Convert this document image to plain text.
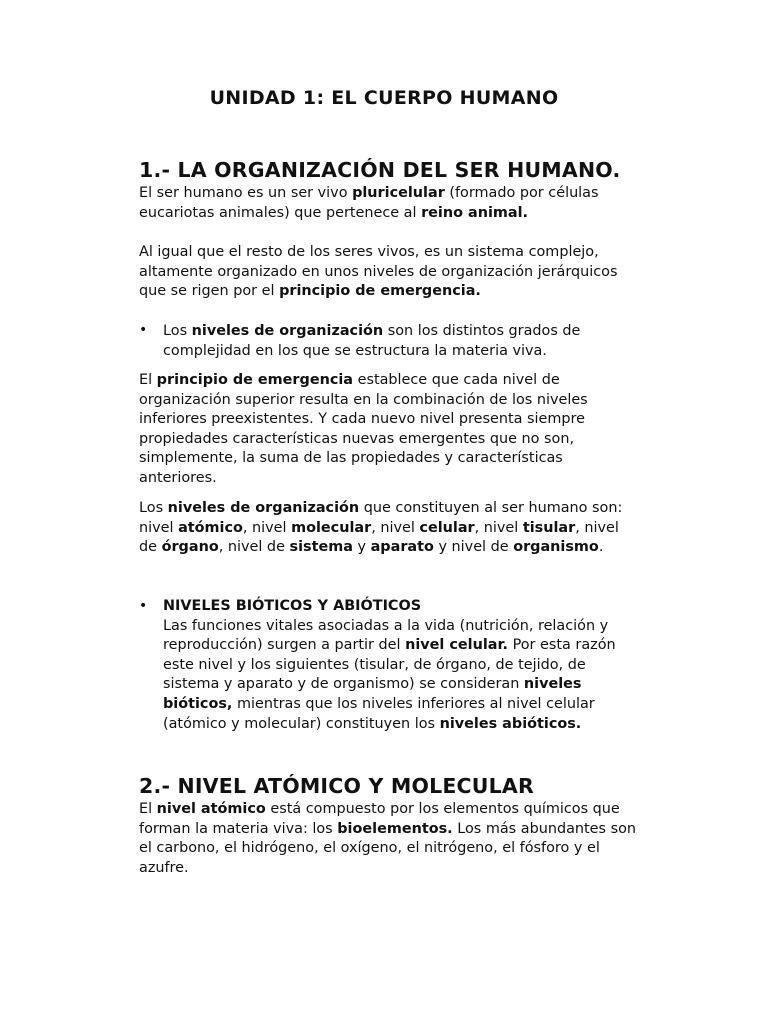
UNIDAD 1: EL CUERPO HUMANO
1.- LA ORGANIZACIÓN DEL SER HUMANO.

El ser humano es un ser vivo pluricelular (formado por células
eucariotas animales) que pertenece al reino animal.

Al igual que el resto de los seres vivos, es un sistema complejo,
altamente organizado en unos niveles de organización jerárquicos
que se rigen por el principio de emergencia.

• Los niveles de organización son los distintos grados de
complejidad en los que se estructura la materia viva.

El principio de emergencia establece que cada nivel de
organización superior resulta en la combinación de los niveles
inferiores preexistentes. Y cada nuevo nivel presenta siempre
propiedades características nuevas emergentes que no son,
simplemente, la suma de las propiedades y características
anteriores.

Los niveles de organización que constituyen al ser humano son:
nivel atómico, nivel molecular, nivel celular, nivel tisular, nivel
de órgano, nivel de sistema y aparato y nivel de organismo.

• NIVELES BIÓTICOS Y ABIÓTICOS
Las funciones vitales asociadas a la vida (nutrición, relación y
reproducción) surgen a partir del nivel celular. Por esta razón
este nivel y los siguientes (tisular, de órgano, de tejido, de
sistema y aparato y de organismo) se consideran niveles
bióticos, mientras que los niveles inferiores al nivel celular
(atómico y molecular) constituyen los niveles abióticos.

2.- NIVEL ATÓMICO Y MOLECULAR

El nivel atómico está compuesto por los elementos químicos que
forman la materia viva: los bioelementos. Los más abundantes son
el carbono, el hidrógeno, el oxígeno, el nitrógeno, el fósforo y el
azufre.
